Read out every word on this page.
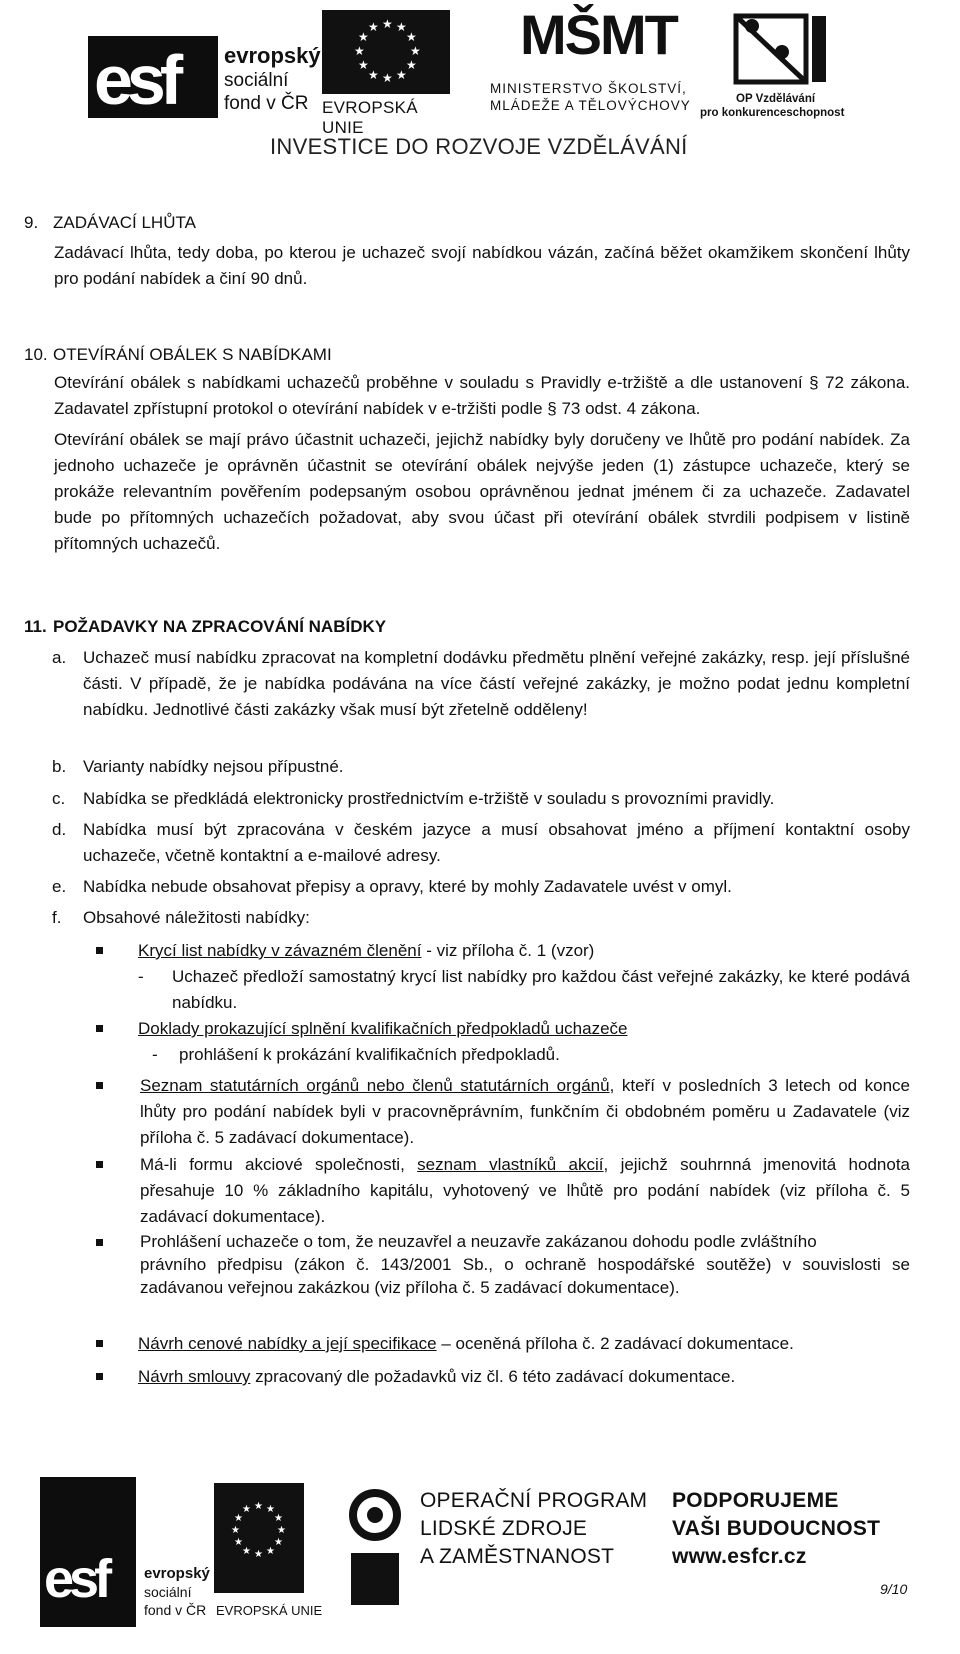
esf	evropský
sociální
fond v ČR
★ ★
★
★
★
★
★
★
★
★
★
★
EVROPSKÁ UNIE
MŠMT
MINISTERSTVO ŠKOLSTVÍ,
MLÁDEŽE A TĚLOVÝCHOVY	OP Vzdělávání
pro konkurenceschopnost
INVESTICE DO ROZVOJE VZDĚLÁVÁNÍ
9. ZADÁVACÍ LHŮTA

Zadávací lhůta, tedy doba, po kterou je uchazeč svojí nabídkou vázán, začíná běžet okamžikem skončení lhůty pro podání nabídek a činí 90 dnů.

10. OTEVÍRÁNÍ OBÁLEK S NABÍDKAMI

Otevírání obálek s nabídkami uchazečů proběhne v souladu s Pravidly e-tržiště a dle ustanovení § 72 zákona. Zadavatel zpřístupní protokol o otevírání nabídek v e-tržišti podle § 73 odst. 4 zákona.

Otevírání obálek se mají právo účastnit uchazeči, jejichž nabídky byly doručeny ve lhůtě pro podání nabídek. Za jednoho uchazeče je oprávněn účastnit se otevírání obálek nejvýše jeden (1) zástupce uchazeče, který se prokáže relevantním pověřením podepsaným osobou oprávněnou jednat jménem či za uchazeče. Zadavatel bude po přítomných uchazečích požadovat, aby svou účast při otevírání obálek stvrdili podpisem v listině přítomných uchazečů.

11. POŽADAVKY NA ZPRACOVÁNÍ NABÍDKY
a. Uchazeč musí nabídku zpracovat na kompletní dodávku předmětu plnění veřejné zakázky, resp. její příslušné části. V případě, že je nabídka podávána na více částí veřejné zakázky, je možno podat jednu kompletní nabídku. Jednotlivé části zakázky však musí být zřetelně odděleny!

b. Varianty nabídky nejsou přípustné.

c. Nabídka se předkládá elektronicky prostřednictvím e-tržiště v souladu s provozními pravidly.

d. Nabídka musí být zpracována v českém jazyce a musí obsahovat jméno a příjmení kontaktní osoby uchazeče, včetně kontaktní a e-mailové adresy.

e. Nabídka nebude obsahovat přepisy a opravy, které by mohly Zadavatele uvést v omyl.

f. Obsahové náležitosti nabídky:

Krycí list nabídky v závazném členění - viz příloha č. 1 (vzor)

- Uchazeč předloží samostatný krycí list nabídky pro každou část veřejné zakázky, ke které podává nabídku.

Doklady prokazující splnění kvalifikačních předpokladů uchazeče

- prohlášení k prokázání kvalifikačních předpokladů.

Seznam statutárních orgánů nebo členů statutárních orgánů, kteří v posledních 3 letech od konce lhůty pro podání nabídek byli v pracovněprávním, funkčním či obdobném poměru u Zadavatele (viz příloha č. 5 zadávací dokumentace).

Má-li formu akciové společnosti, seznam vlastníků akcií, jejichž souhrnná jmenovitá hodnota přesahuje 10 % základního kapitálu, vyhotovený ve lhůtě pro podání nabídek (viz příloha č. 5 zadávací dokumentace).

Prohlášení uchazeče o tom, že neuzavřel a neuzavře zakázanou dohodu podle zvláštního

právního předpisu (zákon č. 143/2001 Sb., o ochraně hospodářské soutěže) v souvislosti se zadávanou veřejnou zakázkou (viz příloha č. 5 zadávací dokumentace).

Návrh cenové nabídky a její specifikace – oceněná příloha č. 2 zadávací dokumentace.

Návrh smlouvy zpracovaný dle požadavků viz čl. 6 této zadávací dokumentace.

esf	evropský
sociální
fond v ČR
★ ★
★
★
★
★
★
★
★
★
★
★
EVROPSKÁ UNIE
OPERAČNÍ PROGRAM
LIDSKÉ ZDROJE
A ZAMĚSTNANOST
PODPORUJEME
VAŠI BUDOUCNOST
www.esfcr.cz
9/10
